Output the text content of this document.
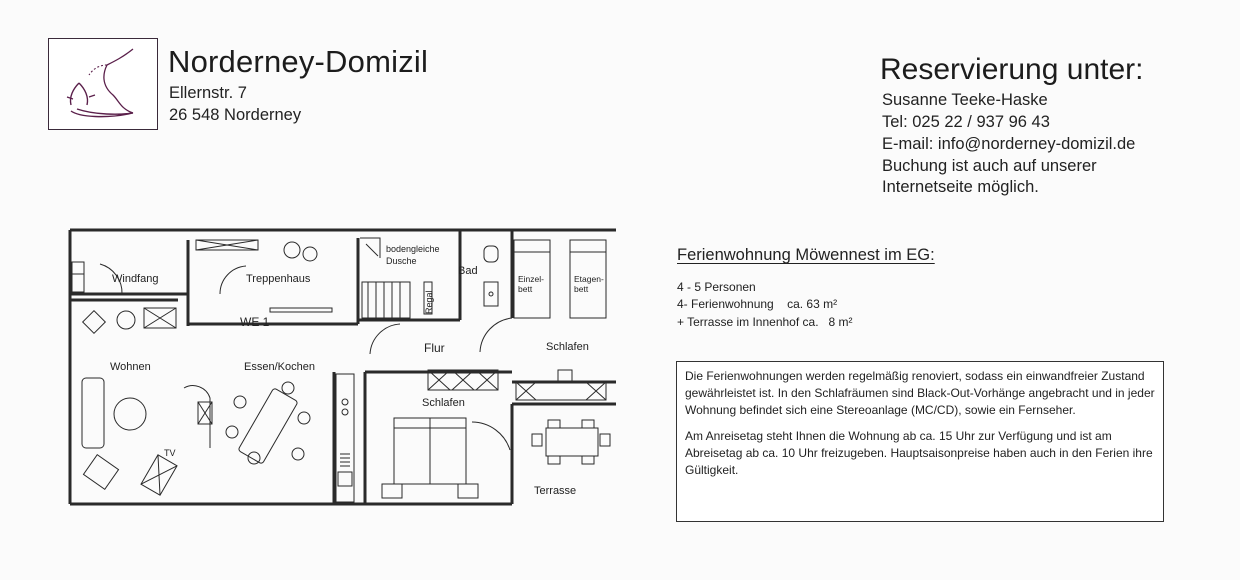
Norderney-Domizil
Ellernstr. 7
26 548 Norderney
Reservierung unter:
Susanne Teeke-Haske
Tel: 025 22 / 937 96 43
E-mail: info@norderney-domizil.de
Buchung ist auch auf unserer
Internetseite möglich.
Windfang	Treppenhaus
bodengleiche
Dusche
Bad
Einzel-
bett
Etagen-
bett
Regal
WE 1
Flur	Schlafen
Wohnen	Essen/Kochen
Schlafen
TV
Terrasse
Ferienwohnung Möwennest im EG:
4 - 5 Personen
4- Ferienwohnung    ca. 63 m²
+ Terrasse im Innenhof ca.   8 m²

Die Ferienwohnungen werden regelmäßig renoviert, sodass ein einwandfreier Zustand gewährleistet ist. In den Schlafräumen sind Black-Out-Vorhänge angebracht und in jeder Wohnung befindet sich eine Stereoanlage (MC/CD), sowie ein Fernseher.

Am Anreisetag steht Ihnen die Wohnung ab ca. 15 Uhr zur Verfügung und ist am Abreisetag ab ca. 10 Uhr freizugeben. Hauptsaisonpreise haben auch in den Ferien ihre Gültigkeit.
